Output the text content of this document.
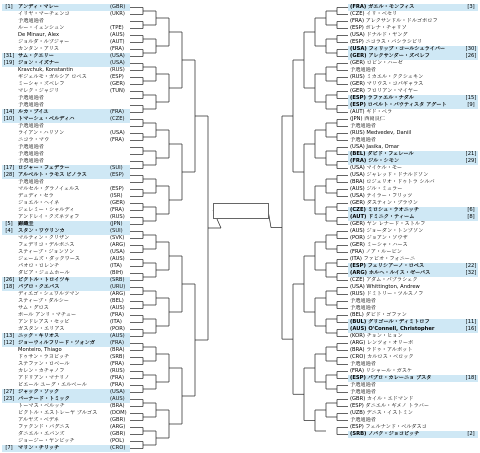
[1]	アンディ・マレー	(GBR)
イリヤ・マーチェンコ	(UKR)
予選通過者
ルー・イェンシュン	(TPE)
De Minaur, Alex	(AUS)
ジョルダ・ルプジャー	(AUT)
カンタン・アリス	(FRA)
[31] サム・クエリー	(USA)
[19] ジョン・イズナー	(USA)
Kravchuk, Konstantin	(RUS)
ギジェルモ・ガルシア ロペス	(ESP)
ミーシャ・ズベレフ	(GER)
マレク・ジャジリ	(TUN)
予選通過者
予選通過者
[14] ルカ・プイユ	(FRA)
[10] トマーシュ・ベルディハ	(CZE)
予選通過者
ライアン・ハリソン	(USA)
ニコラ・マウ	(FRA)
予選通過者
予選通過者
予選通過者
[17] ロジャー・フェデラー	(SUI)
[28] アルベルト・ラモス ビノラス	(ESP)
予選通過者
マルセル・グラノイェルス	(ESP)
デュディ・セラ	(ISR)
ジョエル・ヘイネ	(GER)
ジェレミー・シャルディ	(FRA)
アンドレイ・クズネツォフ	(RUS)
[5]	錦織圭	(JPN)
[4]	スタン・ワウリンカ	(SUI)
マルティン・クリザン	(SVK)
フェデリコ・デルボニス	(ARG)
スティーブ・ジョンソン	(USA)
ジェームズ・ダックワース	(AUS)
パオロ・ロレンチ	(ITA)
ダビア・ジュムホール	(BIH)
[26] ビクトル・トロイツキ	(SRB)
[18] パブロ・クエバス	(URU)
ディエゴ・シュワルツマン	(ARG)
スティーブ・ダルシー	(BEL)
サム・グロス	(AUS)
ポール アンリ・マチュー	(FRA)
アンドレアス・セッピ	(ITA)
ガスタン・エリアス	(POR)
[13] ニック・キリオス	(AUS)
[12] ジョーウィルフリード・ツォンガ	(FRA)
Monteiro, Thiago	(BRA)
ドゥサン・ラヨビッチ	(SRB)
ステファン・ロベール	(FRA)
カレン・カチャノフ	(RUS)
アドリアン・マナリノ	(FRA)
ピエール ユーグ・エルベール	(FRA)
[27] ジャック・ソック	(USA)
[23] バーナード・トミック	(AUS)
トーマス・ベルッチ	(BRA)
ビクトル・エストレーヤ ブルゴス	(DOM)
アルヤズ・ベデネ	(GBR)
ファクンド・バグニス	(ARG)
ダニエル・エバンズ	(GBR)
ジョージー・ヤンビッチ	(POL)
[7]	マリン・チリッチ	(CRO)
(FRA) ガエル・モンフィス	[3]
(CZE) イリ・ベセリ
(FRA) アレクサンドル・ドルゴポロフ
(ESP) ボレナ・チャリソ
(USA) ドナルド・ヤング
(ESP) ニコラス・バシラシビリ
(USA) フィリップ・コールシュライバー	[30]
(GER) アレクサンダー・ズベレフ	[26]
(GER) ロビン・ハーゼ
予選通過者
(RUS) ミカエル・ククシュキン
(GER) マリウス・コパギャラス
(GER) フロリアン・マイヤー
(ESP) ラファエル・ナダル	[15]
(ESP) ロベルト・バウティスタ アグート	[9]
(AUT) ギド・ペラ
(JPN) 西岡良仁
予選通過者
(RUS) Medvedev, Daniil
予選通過者
(USA) Jasika, Omar
(BEL) ダビド・フェレール	[21]
(FRA) ジル・シモン	[29]
(USA) マイケル・モー
(USA) ジャレッド・ドナルドソン
(BRA) ロジェリオ・ドゥトラ シルバ
(AUS) ジル・ミュラー
(USA) テイラー・フリッツ
(GER) ダスティン・ブラウン
(CZE) ミロシュ・ラオニッチ	[6]
(AUT) ドミニク・ティーム	[8]
(GER) ヤン レナード・ストルフ
(AUS) ジョーダン・トンプソン
(POR) ジョアン・ソウザ
(GER) ミーシャ・ハース
(FRA) ノア・ルービン
(ITA) ファビオ・フォニーニ
(ESP) フェリシアーノ・ロペス	[22]
(ARG) ホルヘ・ルイス・ゼーバス	[32]
(CZE) アダム・パブラシェク
(USA) Whittington, Andrew
(RUS) ドミトリー・ツルスノフ
予選通過者
予選通過者
(BEL) ダビド・ゴファン
(BUL) グリゴール・ディミトロフ	[11]
(AUS) O'Connell, Christopher	[16]
(KOR) チョン・ヒョン
(ARG) レンツォ・オリーボ
(BRA) ラドゥ・アルボット
(CRO) カルロス・ベロック
予選通過者
(FRA) リシャール・ガスケ
(ESP) パブロ・カレーニョ ブスタ	[18]
予選通過者
予選通過者
(GBR) カイル・エドマンド
(ESP) ダニエル・ギメノ トラバー
(UZB) デニス・イストミン
予選通過者
(ESP) フェルナンド・ベルダスコ
(SRB) ノバク・ジョコビッチ	[2]
